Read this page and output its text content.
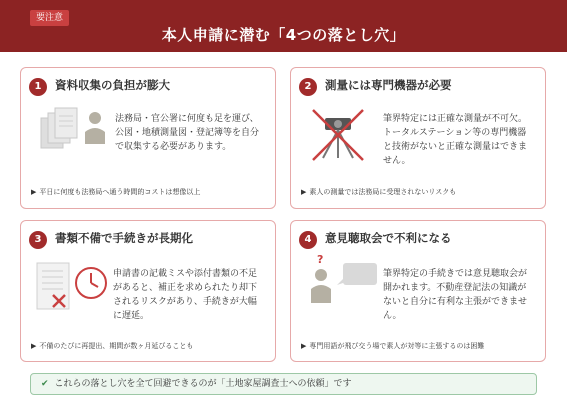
要注意
本人申請に潜む「4つの落とし穴」
1	資料収集の負担が膨大
法務局・官公署に何度も足を運び、公図・地積測量図・登記簿等を自分で収集する必要があります。
▶ 平日に何度も法務局へ通う時間的コストは想像以上
2	測量には専門機器が必要
筆界特定には正確な測量が不可欠。トータルステーション等の専門機器と技術がないと正確な測量はできません。
▶ 素人の測量では法務局に受理されないリスクも
3	書類不備で手続きが長期化
申請書の記載ミスや添付書類の不足があると、補正を求められたり却下されるリスクがあり、手続きが大幅に遅延。
▶ 不備のたびに再提出、期間が数ヶ月延びることも
4	意見聴取会で不利になる
?
筆界特定の手続きでは意見聴取会が開かれます。不動産登記法の知識がないと自分に有利な主張ができません。
▶ 専門用語が飛び交う場で素人が対等に主張するのは困難
✔ これらの落とし穴を全て回避できるのが「土地家屋調査士への依頼」です
